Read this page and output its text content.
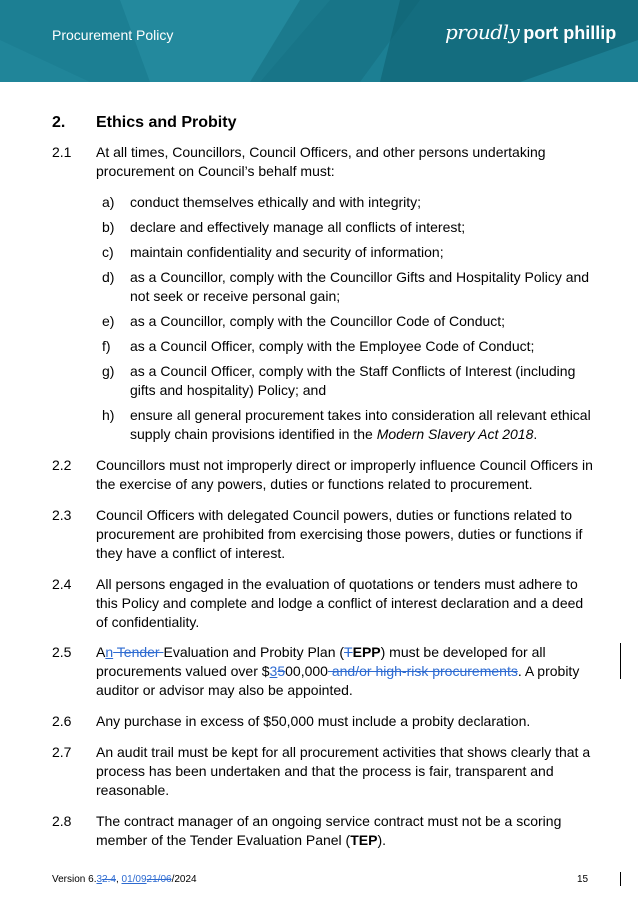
Procurement Policy	proudly port phillip
2. Ethics and Probity
2.1 At all times, Councillors, Council Officers, and other persons undertaking procurement on Council’s behalf must:
a) conduct themselves ethically and with integrity;
b) declare and effectively manage all conflicts of interest;
c) maintain confidentiality and security of information;
d) as a Councillor, comply with the Councillor Gifts and Hospitality Policy and not seek or receive personal gain;
e) as a Councillor, comply with the Councillor Code of Conduct;
f) as a Council Officer, comply with the Employee Code of Conduct;
g) as a Council Officer, comply with the Staff Conflicts of Interest (including gifts and hospitality) Policy; and
h) ensure all general procurement takes into consideration all relevant ethical supply chain provisions identified in the Modern Slavery Act 2018.
2.2 Councillors must not improperly direct or improperly influence Council Officers in the exercise of any powers, duties or functions related to procurement.
2.3 Council Officers with delegated Council powers, duties or functions related to procurement are prohibited from exercising those powers, duties or functions if they have a conflict of interest.
2.4 All persons engaged in the evaluation of quotations or tenders must adhere to this Policy and complete and lodge a conflict of interest declaration and a deed of confidentiality.
2.5 An Tender Evaluation and Probity Plan (TEPP) must be developed for all procurements valued over $3500,000 and/or high-risk procurements. A probity auditor or advisor may also be appointed.
2.6 Any purchase in excess of $50,000 must include a probity declaration.
2.7 An audit trail must be kept for all procurement activities that shows clearly that a process has been undertaken and that the process is fair, transparent and reasonable.
2.8 The contract manager of an ongoing service contract must not be a scoring member of the Tender Evaluation Panel (TEP).
Version 6.32.4, 01/0921/06/2024	15
